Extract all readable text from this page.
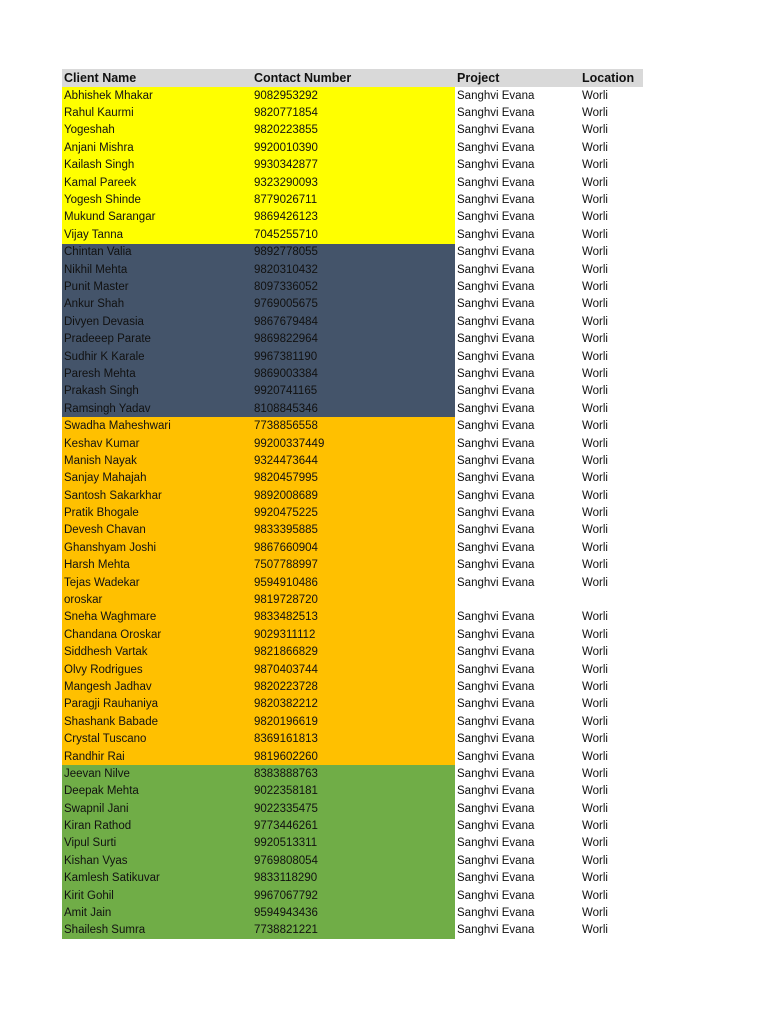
Client Name	Contact Number	Project	Location
Abhishek Mhakar	9082953292	Sanghvi Evana	Worli
Rahul Kaurmi	9820771854	Sanghvi Evana	Worli
Yogeshah	9820223855	Sanghvi Evana	Worli
Anjani Mishra	9920010390	Sanghvi Evana	Worli
Kailash Singh	9930342877	Sanghvi Evana	Worli
Kamal Pareek	9323290093	Sanghvi Evana	Worli
Yogesh Shinde	8779026711	Sanghvi Evana	Worli
Mukund Sarangar	9869426123	Sanghvi Evana	Worli
Vijay Tanna	7045255710	Sanghvi Evana	Worli
Chintan Valia	9892778055	Sanghvi Evana	Worli
Nikhil Mehta	9820310432	Sanghvi Evana	Worli
Punit Master	8097336052	Sanghvi Evana	Worli
Ankur Shah	9769005675	Sanghvi Evana	Worli
Divyen Devasia	9867679484	Sanghvi Evana	Worli
Pradeeep Parate	9869822964	Sanghvi Evana	Worli
Sudhir K Karale	9967381190	Sanghvi Evana	Worli
Paresh Mehta	9869003384	Sanghvi Evana	Worli
Prakash Singh	9920741165	Sanghvi Evana	Worli
Ramsingh Yadav	8108845346	Sanghvi Evana	Worli
Swadha Maheshwari	7738856558	Sanghvi Evana	Worli
Keshav Kumar	99200337449	Sanghvi Evana	Worli
Manish Nayak	9324473644	Sanghvi Evana	Worli
Sanjay Mahajah	9820457995	Sanghvi Evana	Worli
Santosh Sakarkhar	9892008689	Sanghvi Evana	Worli
Pratik Bhogale	9920475225	Sanghvi Evana	Worli
Devesh Chavan	9833395885	Sanghvi Evana	Worli
Ghanshyam Joshi	9867660904	Sanghvi Evana	Worli
Harsh Mehta	7507788997	Sanghvi Evana	Worli
Tejas Wadekar	9594910486	Sanghvi Evana	Worli
oroskar	9819728720
Sneha Waghmare	9833482513	Sanghvi Evana	Worli
Chandana Oroskar	9029311112	Sanghvi Evana	Worli
Siddhesh Vartak	9821866829	Sanghvi Evana	Worli
Olvy Rodrigues	9870403744	Sanghvi Evana	Worli
Mangesh Jadhav	9820223728	Sanghvi Evana	Worli
Paragji Rauhaniya	9820382212	Sanghvi Evana	Worli
Shashank Babade	9820196619	Sanghvi Evana	Worli
Crystal Tuscano	8369161813	Sanghvi Evana	Worli
Randhir Rai	9819602260	Sanghvi Evana	Worli
Jeevan Nilve	8383888763	Sanghvi Evana	Worli
Deepak Mehta	9022358181	Sanghvi Evana	Worli
Swapnil Jani	9022335475	Sanghvi Evana	Worli
Kiran Rathod	9773446261	Sanghvi Evana	Worli
Vipul Surti	9920513311	Sanghvi Evana	Worli
Kishan Vyas	9769808054	Sanghvi Evana	Worli
Kamlesh Satikuvar	9833118290	Sanghvi Evana	Worli
Kirit Gohil	9967067792	Sanghvi Evana	Worli
Amit Jain	9594943436	Sanghvi Evana	Worli
Shailesh Sumra	7738821221	Sanghvi Evana	Worli
